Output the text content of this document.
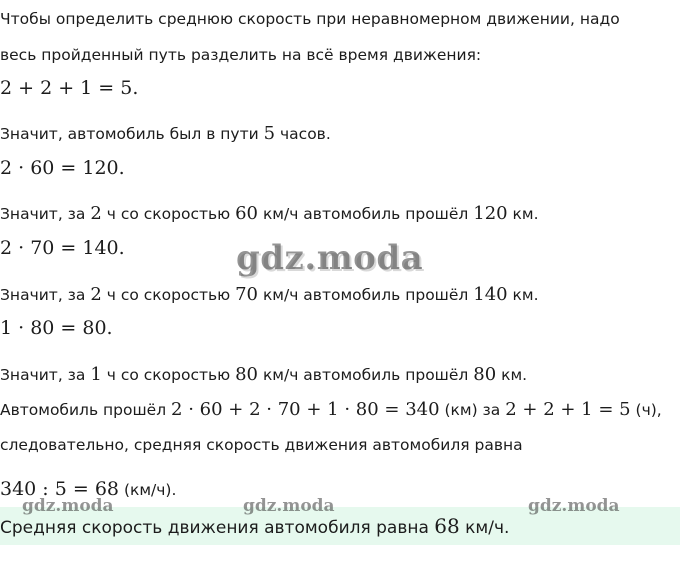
Чтобы определить среднюю скорость при неравномерном движении, надо
весь пройденный путь разделить на всё время движения:
2 + 2 + 1 = 5.
Значит, автомобиль был в пути 5 часов.
2 · 60 = 120.
Значит, за 2 ч со скоростью 60 км/ч автомобиль прошёл 120 км.
2 · 70 = 140.
Значит, за 2 ч со скоростью 70 км/ч автомобиль прошёл 140 км.
1 · 80 = 80.
Значит, за 1 ч со скоростью 80 км/ч автомобиль прошёл 80 км.
Автомобиль прошёл 2 · 60 + 2 · 70 + 1 · 80 = 340 (км) за 2 + 2 + 1 = 5 (ч),
следовательно, средняя скорость движения автомобиля равна
340 : 5 = 68 (км/ч).
Средняя скорость движения автомобиля равна 68 км/ч.
gdz.moda
gdz.moda	gdz.moda	gdz.moda
